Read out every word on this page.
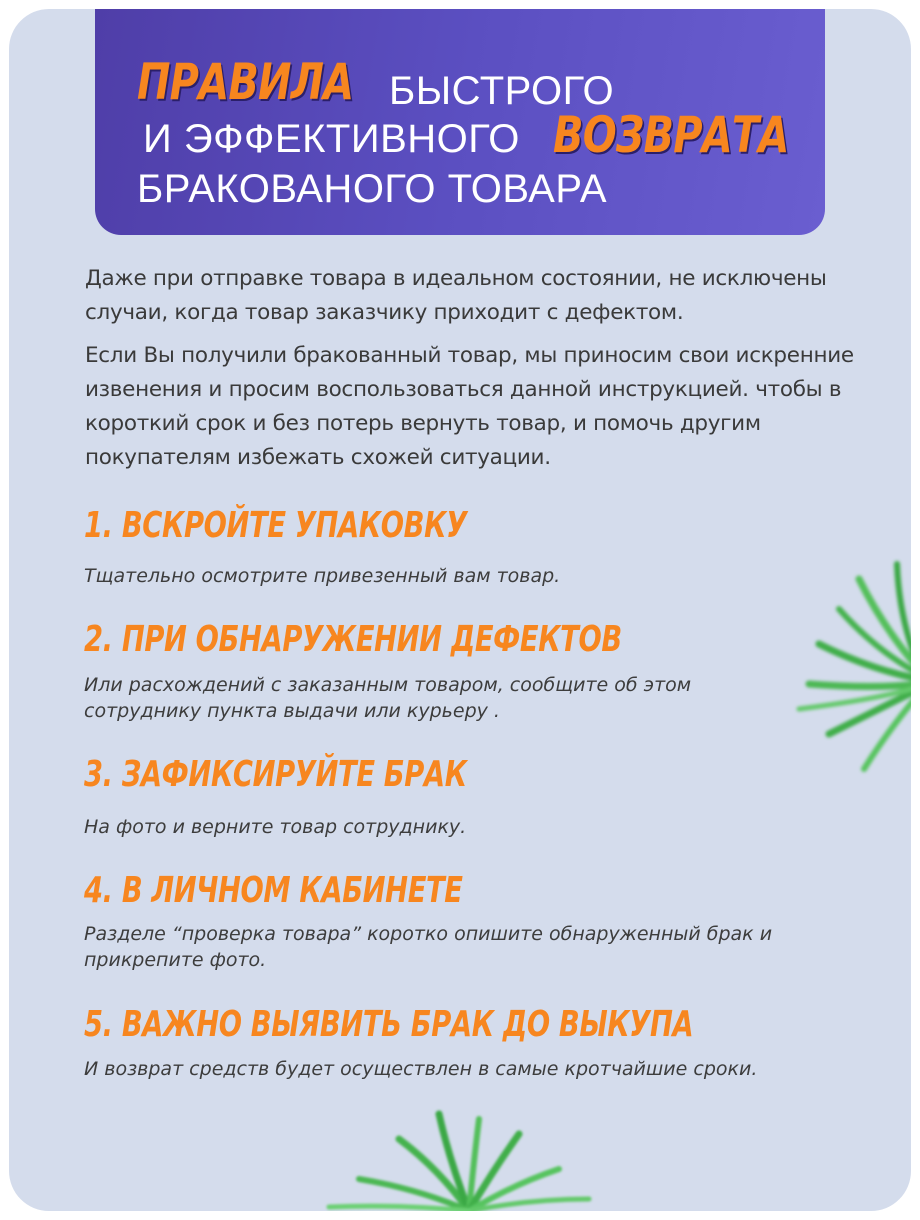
ПРАВИЛА БЫСТРОГО
И ЭФФЕКТИВНОГО ВОЗВРАТА
БРАКОВАНОГО ТОВАРА

Даже при отправке товара в идеальном состоянии, не исключены случаи, когда товар заказчику приходит с дефектом.

Если Вы получили бракованный товар, мы приносим свои искренние извенения и просим воспользоваться данной инструкцией. чтобы в короткий срок и без потерь вернуть товар, и помочь другим покупателям избежать схожей ситуации.

1. ВСКРОЙТЕ УПАКОВКУ

Тщательно осмотрите привезенный вам товар.

2. ПРИ ОБНАРУЖЕНИИ ДЕФЕКТОВ

Или расхождений с заказанным товаром, сообщите об этом сотруднику пункта выдачи или курьеру .

3. ЗАФИКСИРУЙТЕ БРАК

На фото и верните товар сотруднику.

4. В ЛИЧНОМ КАБИНЕТЕ

Разделе “проверка товара” коротко опишите обнаруженный брак и прикрепите фото.

5. ВАЖНО ВЫЯВИТЬ БРАК ДО ВЫКУПА

И возврат средств будет осуществлен в самые кротчайшие сроки.
